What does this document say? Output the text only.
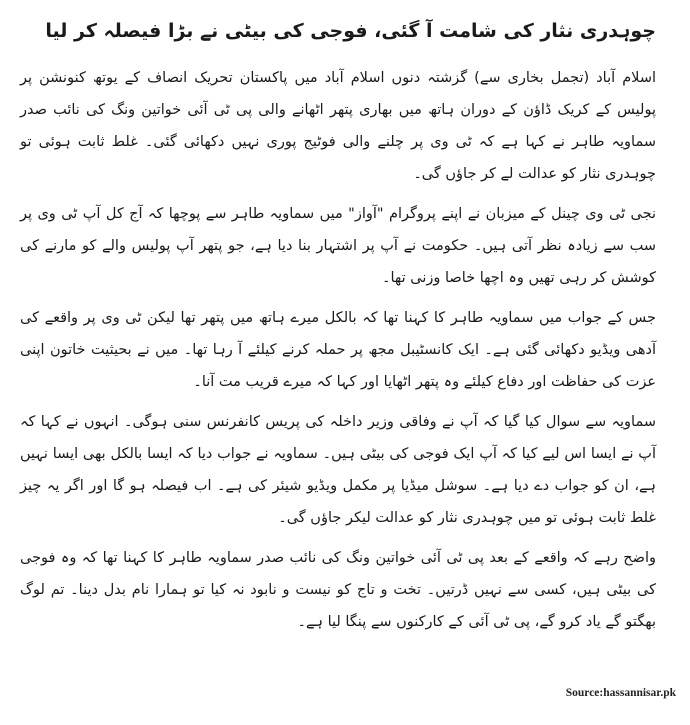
چوہدری نثار کی شامت آ گئی، فوجی کی بیٹی نے بڑا فیصلہ کر لیا
اسلام آباد (تجمل بخاری سے) گزشتہ دنوں اسلام آباد میں پاکستان تحریک انصاف کے یوتھ کنونشن پر پولیس کے کریک ڈاؤن کے دوران ہاتھ میں بھاری پتھر اٹھانے والی پی ٹی آئی خواتین ونگ کی نائب صدر سماویہ طاہر نے کہا ہے کہ ٹی وی پر چلنے والی فوٹیج پوری نہیں دکھائی گئی۔ غلط ثابت ہوئی تو چوہدری نثار کو عدالت لے کر جاؤں گی۔
نجی ٹی وی چینل کے میزبان نے اپنے پروگرام "آواز" میں سماویہ طاہر سے پوچھا کہ آج کل آپ ٹی وی پر سب سے زیادہ نظر آتی ہیں۔ حکومت نے آپ پر اشتہار بنا دیا ہے، جو پتھر آپ پولیس والے کو مارنے کی کوشش کر رہی تھیں وہ اچھا خاصا وزنی تھا۔
جس کے جواب میں سماویہ طاہر کا کہنا تھا کہ بالکل میرے ہاتھ میں پتھر تھا لیکن ٹی وی پر واقعے کی آدھی ویڈیو دکھائی گئی ہے۔ ایک کانسٹیبل مجھ پر حملہ کرنے کیلئے آ رہا تھا۔ میں نے بحیثیت خاتون اپنی عزت کی حفاظت اور دفاع کیلئے وہ پتھر اٹھایا اور کہا کہ میرے قریب مت آنا۔
سماویہ سے سوال کیا گیا کہ آپ نے وفاقی وزیر داخلہ کی پریس کانفرنس سنی ہوگی۔ انہوں نے کہا کہ آپ نے ایسا اس لیے کیا کہ آپ ایک فوجی کی بیٹی ہیں۔ سماویہ نے جواب دیا کہ ایسا بالکل بھی ایسا نہیں ہے، ان کو جواب دے دیا ہے۔ سوشل میڈیا پر مکمل ویڈیو شیئر کی ہے۔ اب فیصلہ ہو گا اور اگر یہ چیز غلط ثابت ہوئی تو میں چوہدری نثار کو عدالت لیکر جاؤں گی۔
واضح رہے کہ واقعے کے بعد پی ٹی آئی خواتین ونگ کی نائب صدر سماویہ طاہر کا کہنا تھا کہ وہ فوجی کی بیٹی ہیں، کسی سے نہیں ڈرتیں۔ تخت و تاج کو نیست و نابود نہ کیا تو ہمارا نام بدل دینا۔ تم لوگ بھگتو گے یاد کرو گے، پی ٹی آئی کے کارکنوں سے پنگا لیا ہے۔
Source:hassannisar.pk
